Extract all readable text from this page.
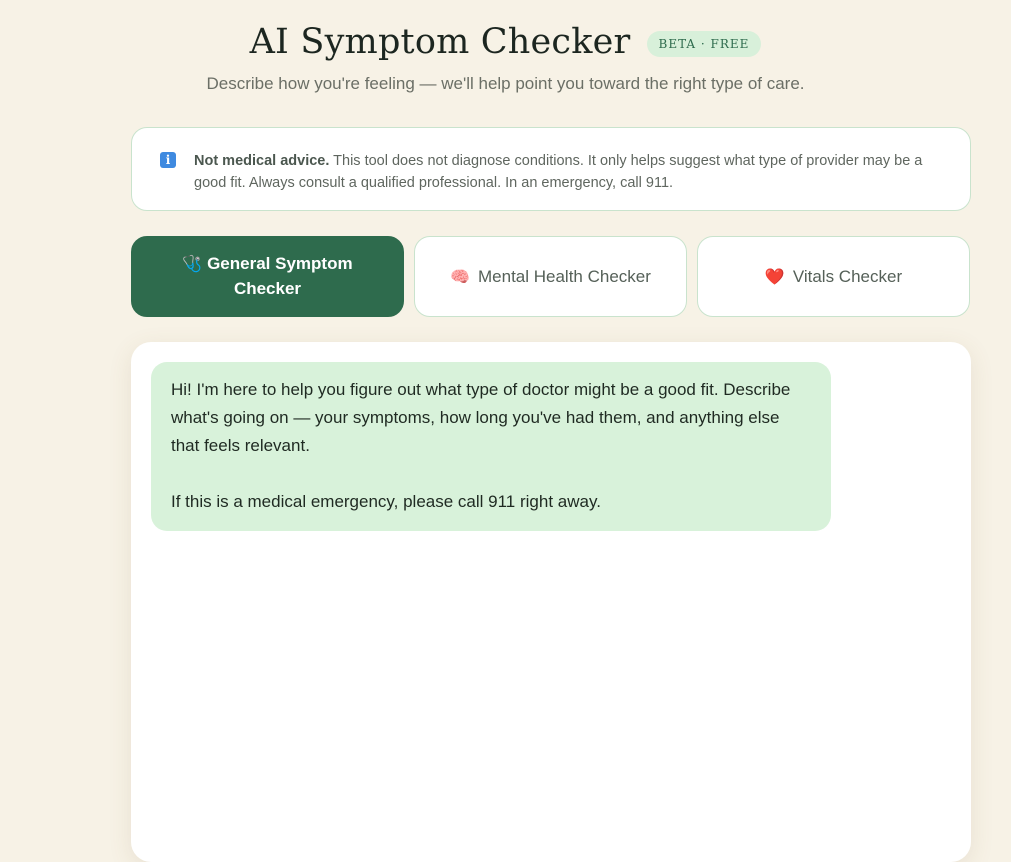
AI Symptom Checker	BETA · FREE
Describe how you're feeling — we'll help point you toward the right type of care.
i	Not medical advice. This tool does not diagnose conditions. It only helps suggest what type of provider may be a good fit. Always consult a qualified professional. In an emergency, call 911.

🩺 General Symptom
Checker
🧠 Mental Health Checker	❤️ Vitals Checker

Hi! I'm here to help you figure out what type of doctor might be a good fit. Describe what's going on — your symptoms, how long you've had them, and anything else that feels relevant.

If this is a medical emergency, please call 911 right away.
